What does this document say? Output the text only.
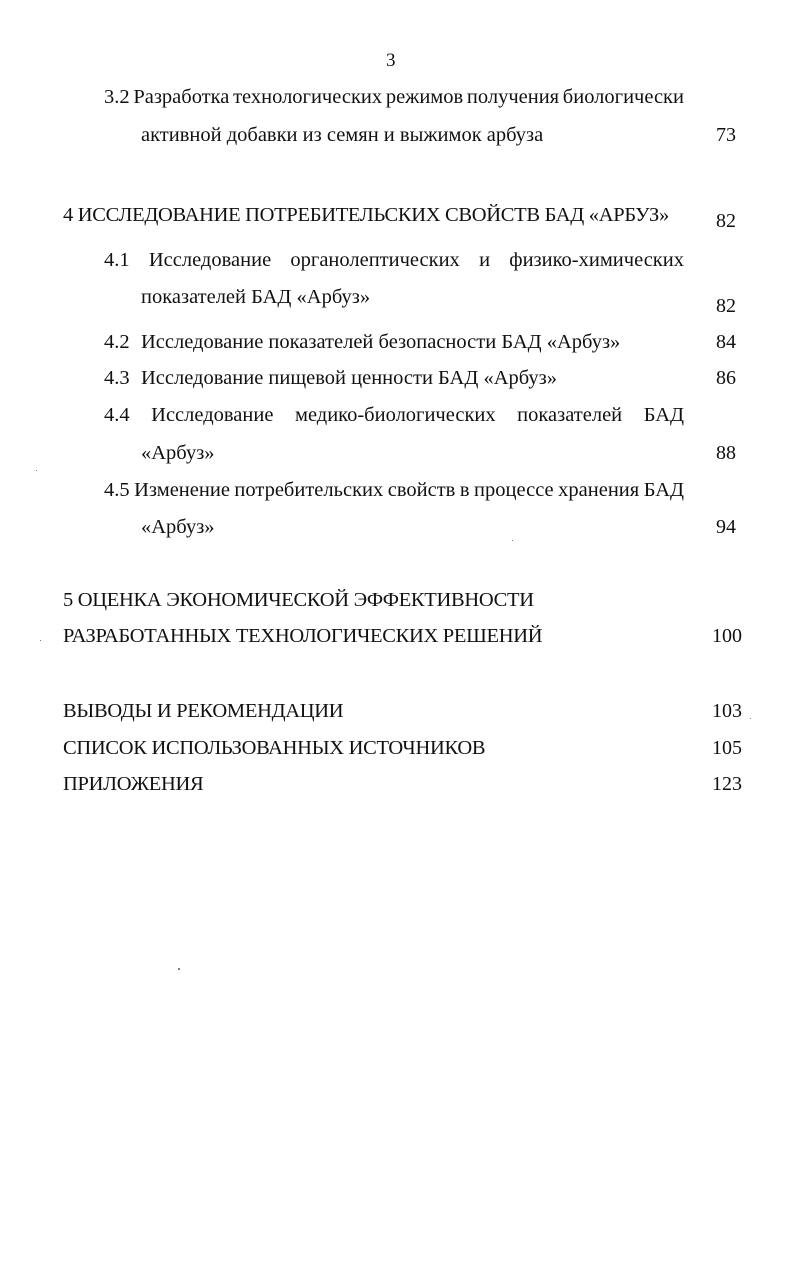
3
3.2 Разработка технологических режимов получения биологически
активной добавки из семян и выжимок арбуза	73
4 ИССЛЕДОВАНИЕ ПОТРЕБИТЕЛЬСКИХ СВОЙСТВ БАД «АРБУЗ»	82
4.1 Исследование органолептических и физико-химических
показателей БАД «Арбуз»	82
4.2 Исследование показателей безопасности БАД «Арбуз»	84
4.3 Исследование пищевой ценности БАД «Арбуз»	86
4.4 Исследование медико-биологических показателей БАД
«Арбуз»	88
4.5 Изменение потребительских свойств в процессе хранения БАД
«Арбуз»	94
5 ОЦЕНКА ЭКОНОМИЧЕСКОЙ ЭФФЕКТИВНОСТИ
РАЗРАБОТАННЫХ ТЕХНОЛОГИЧЕСКИХ РЕШЕНИЙ	100
ВЫВОДЫ И РЕКОМЕНДАЦИИ	103
СПИСОК ИСПОЛЬЗОВАННЫХ ИСТОЧНИКОВ	105
ПРИЛОЖЕНИЯ	123
